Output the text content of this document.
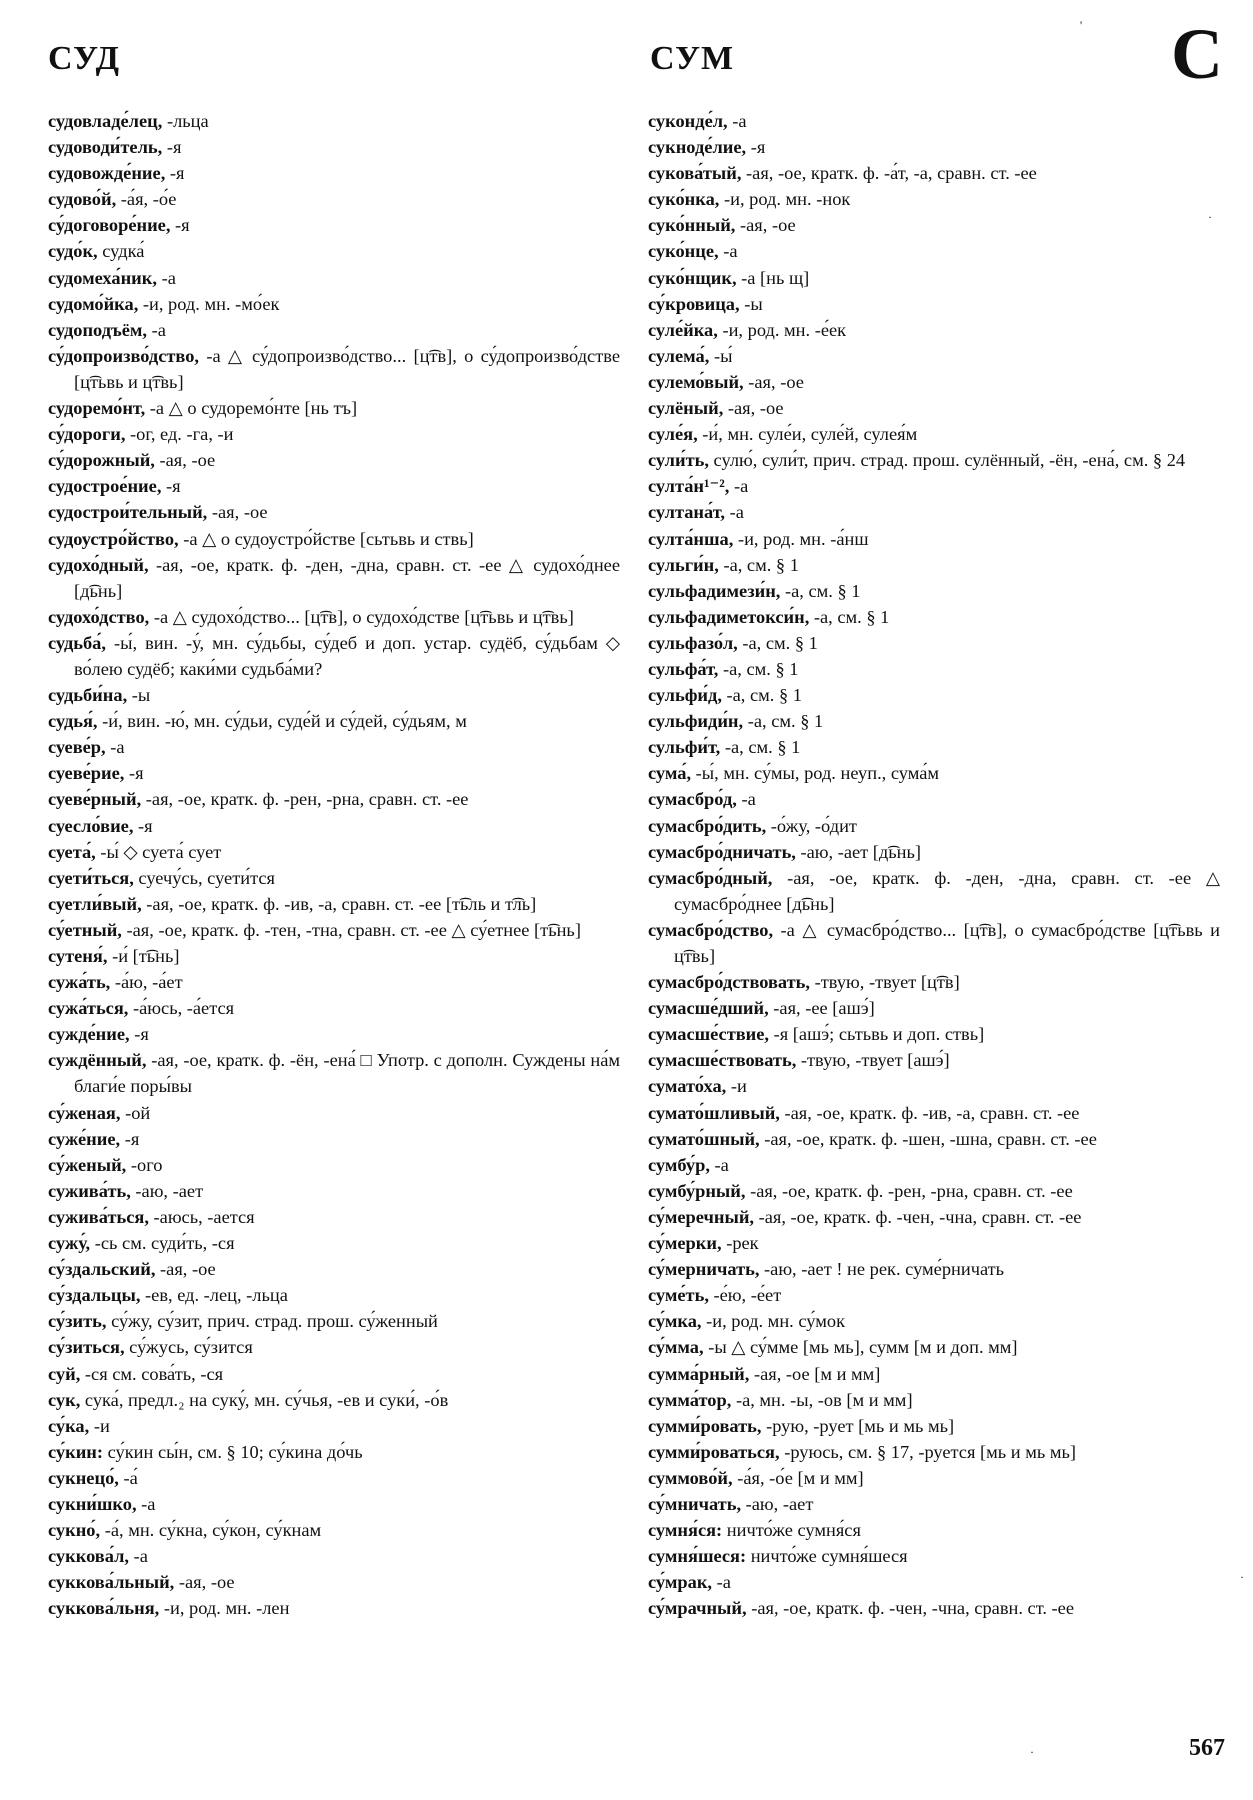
СУД	СУМ	С
судовладе́лец, -льца
судоводи́тель, -я
судовожде́ние, -я
судово́й, -а́я, -о́е
су́договоре́ние, -я
судо́к, судка́
судомеха́ник, -а
судомо́йка, -и, род. мн. -мо́ек
судоподъём, -а
су́допроизво́дство, -а △ су́допроизво́дство... [ц͡тв], о су́допроизво́дстве [ц͡тьвь и ц͡твь]
судоремо́нт, -а △ о судоремо́нте [нь тъ]
су́дороги, -ог, ед. -га, -и
су́дорожный, -ая, -ое
судострое́ние, -я
судострои́тельный, -ая, -ое
судоустро́йство, -а △ о судоустро́йстве [сьтьвь и ствь]
судохо́дный, -ая, -ое, кратк. ф. -ден, -дна, сравн. ст. -ее △ судохо́днее [д͡ьнь]
судохо́дство, -а △ судохо́дство... [ц͡тв], о судохо́дстве [ц͡тьвь и ц͡твь]
судьба́, -ы́, вин. -у́, мн. су́дьбы, су́деб и доп. устар. судёб, су́дьбам ◇ во́лею судёб; каки́ми судьба́ми?
судьби́на, -ы
судья́, -и́, вин. -ю́, мн. су́дьи, суде́й и су́дей, су́дьям, м
суеве́р, -а
суеве́рие, -я
суеве́рный, -ая, -ое, кратк. ф. -рен, -рна, сравн. ст. -ее
суесло́вие, -я
суета́, -ы́ ◇ суета́ сует
суети́ться, суечу́сь, суети́тся
суетли́вый, -ая, -ое, кратк. ф. -ив, -а, сравн. ст. -ее [т͡ьль и т͡ль]
су́етный, -ая, -ое, кратк. ф. -тен, -тна, сравн. ст. -ее △ су́етнее [т͡ьнь]
сутеня́, -и́ [т͡ьнь]
сужа́ть, -а́ю, -а́ет
сужа́ться, -а́юсь, -а́ется
сужде́ние, -я
суждённый, -ая, -ое, кратк. ф. -ён, -ена́ □ Употр. с дополн. Суждены на́м благи́е поры́вы
су́женая, -ой
суже́ние, -я
су́женый, -ого
сужива́ть, -аю, -ает
сужива́ться, -аюсь, -ается
сужу́, -сь см. суди́ть, -ся
су́здальский, -ая, -ое
су́здальцы, -ев, ед. -лец, -льца
су́зить, су́жу, су́зит, прич. страд. прош. су́женный
су́зиться, су́жусь, су́зится
суй, -ся см. сова́ть, -ся
сук, сука́, предл.₂ на суку́, мн. су́чья, -ев и суки́, -о́в
су́ка, -и
су́кин: су́кин сы́н, см. § 10; су́кина до́чь
сукнецо́, -а́
сукни́шко, -а
сукно́, -а́, мн. су́кна, су́кон, су́кнам
суккова́л, -а
суккова́льный, -ая, -ое
суккова́льня, -и, род. мн. -лен
суконде́л, -а
сукноде́лие, -я
сукова́тый, -ая, -ое, кратк. ф. -а́т, -а, сравн. ст. -ее
суко́нка, -и, род. мн. -нок
суко́нный, -ая, -ое
суко́нце, -а
суко́нщик, -а [нь щ]
су́кровица, -ы
суле́йка, -и, род. мн. -е́ек
сулема́, -ы́
сулемо́вый, -ая, -ое
сулёный, -ая, -ое
суле́я, -и́, мн. суле́и, суле́й, сулея́м
сули́ть, сулю́, сули́т, прич. страд. прош. сулённый, -ён, -ена́, см. § 24
султа́н¹⁻², -а
султана́т, -а
султа́нша, -и, род. мн. -а́нш
сульги́н, -а, см. § 1
сульфадимези́н, -а, см. § 1
сульфадиметокси́н, -а, см. § 1
сульфазо́л, -а, см. § 1
сульфа́т, -а, см. § 1
сульфи́д, -а, см. § 1
сульфиди́н, -а, см. § 1
сульфи́т, -а, см. § 1
сума́, -ы́, мн. су́мы, род. неуп., сума́м
сумасбро́д, -а
сумасбро́дить, -о́жу, -о́дит
сумасбро́дничать, -аю, -ает [д͡ьнь]
сумасбро́дный, -ая, -ое, кратк. ф. -ден, -дна, сравн. ст. -ее △ сумасбро́днее [д͡ьнь]
сумасбро́дство, -а △ сумасбро́дство... [ц͡тв], о сумасбро́дстве [ц͡тьвь и ц͡твь]
сумасбро́дствовать, -твую, -твует [ц͡тв]
сумасше́дший, -ая, -ее [ашэ́]
сумасше́ствие, -я [ашэ́; сьтьвь и доп. ствь]
сумасше́ствовать, -твую, -твует [ашэ́]
сумато́ха, -и
сумато́шливый, -ая, -ое, кратк. ф. -ив, -а, сравн. ст. -ее
сумато́шный, -ая, -ое, кратк. ф. -шен, -шна, сравн. ст. -ее
сумбу́р, -а
сумбу́рный, -ая, -ое, кратк. ф. -рен, -рна, сравн. ст. -ее
су́меречный, -ая, -ое, кратк. ф. -чен, -чна, сравн. ст. -ее
су́мерки, -рек
су́мерничать, -аю, -ает ! не рек. суме́рничать
суме́ть, -е́ю, -е́ет
су́мка, -и, род. мн. су́мок
су́мма, -ы △ су́мме [мь мь], сумм [м и доп. мм]
сумма́рный, -ая, -ое [м и мм]
сумма́тор, -а, мн. -ы, -ов [м и мм]
сумми́ровать, -рую, -рует [мь и мь мь]
сумми́роваться, -руюсь, см. § 17, -руется [мь и мь мь]
суммово́й, -а́я, -о́е [м и мм]
су́мничать, -аю, -ает
сумня́ся: ничто́же сумня́ся
сумня́шеся: ничто́же сумня́шеся
су́мрак, -а
су́мрачный, -ая, -ое, кратк. ф. -чен, -чна, сравн. ст. -ее
567
'
·
·
·
